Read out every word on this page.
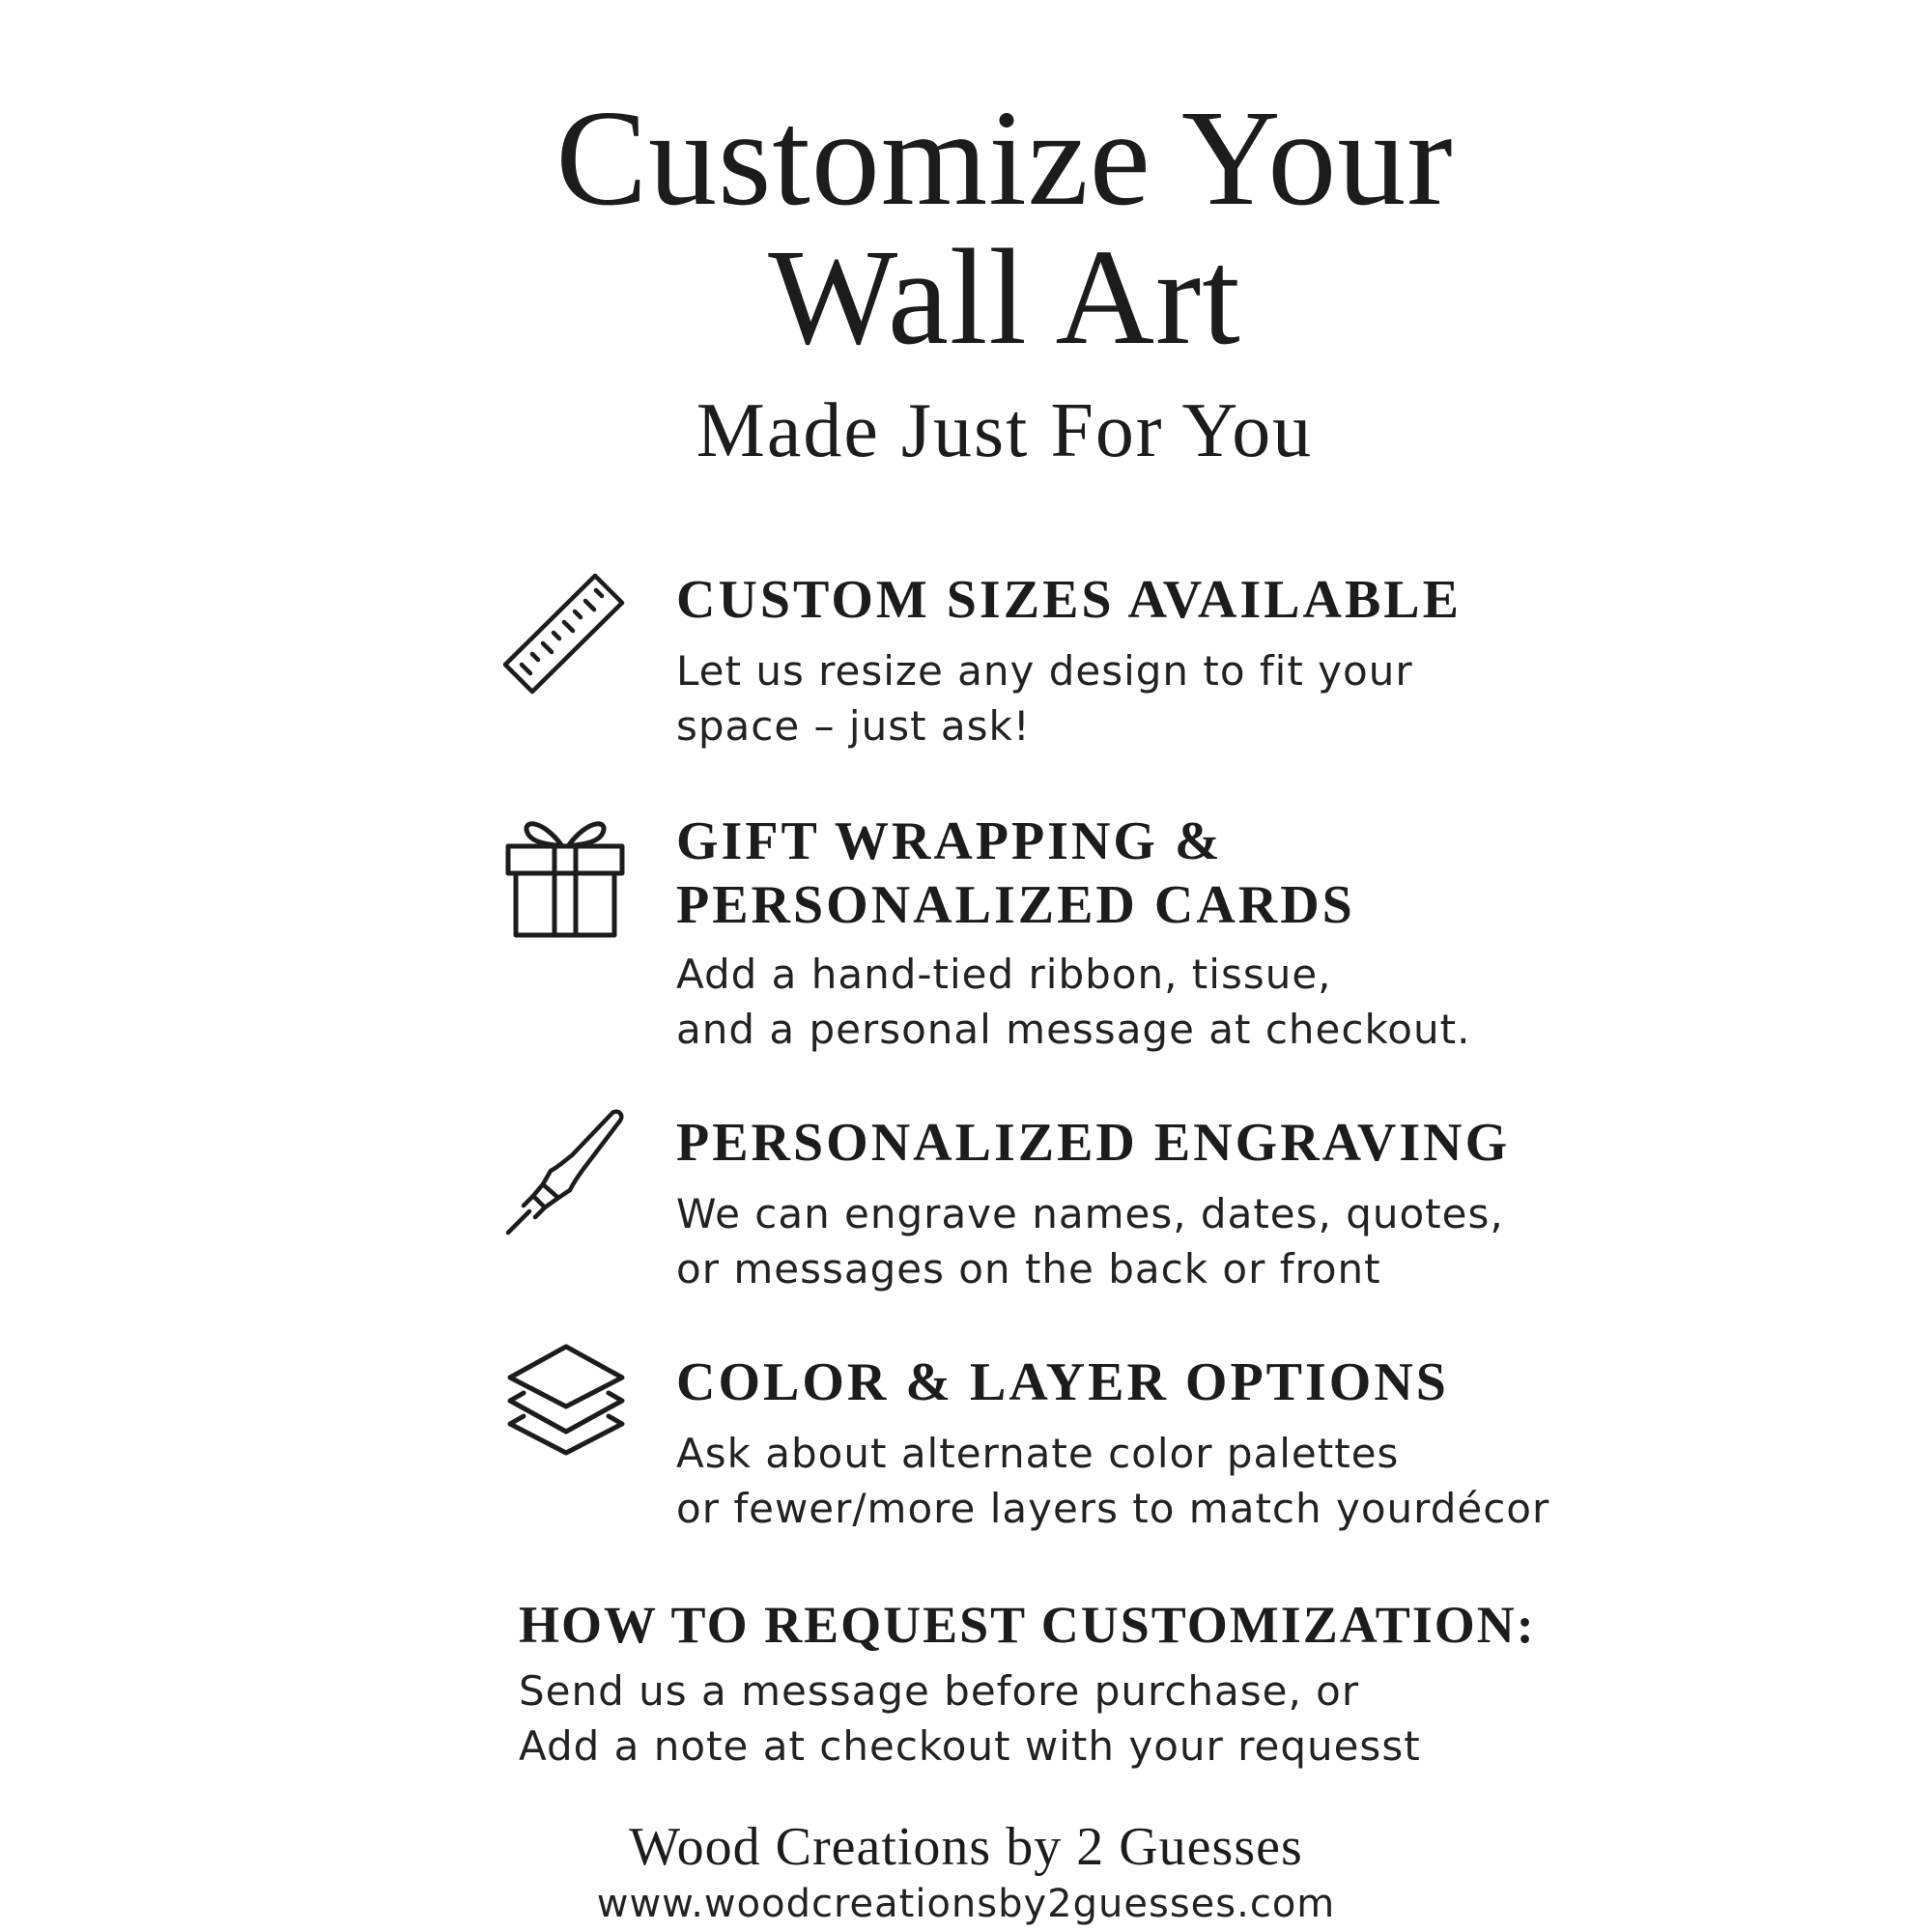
Customize Your
Wall Art
Made Just For You
CUSTOM SIZES AVAILABLE
Let us resize any design to fit your
space – just ask!
GIFT WRAPPING &
PERSONALIZED CARDS
Add a hand-tied ribbon, tissue,
and a personal message at checkout.
PERSONALIZED ENGRAVING
We can engrave names, dates, quotes,
or messages on the back or front
COLOR & LAYER OPTIONS
Ask about alternate color palettes
or fewer/more layers to match yourdécor
HOW TO REQUEST CUSTOMIZATION:
Send us a message before purchase, or
Add a note at checkout with your requesst
Wood Creations by 2 Guesses
www.woodcreationsby2guesses.com
